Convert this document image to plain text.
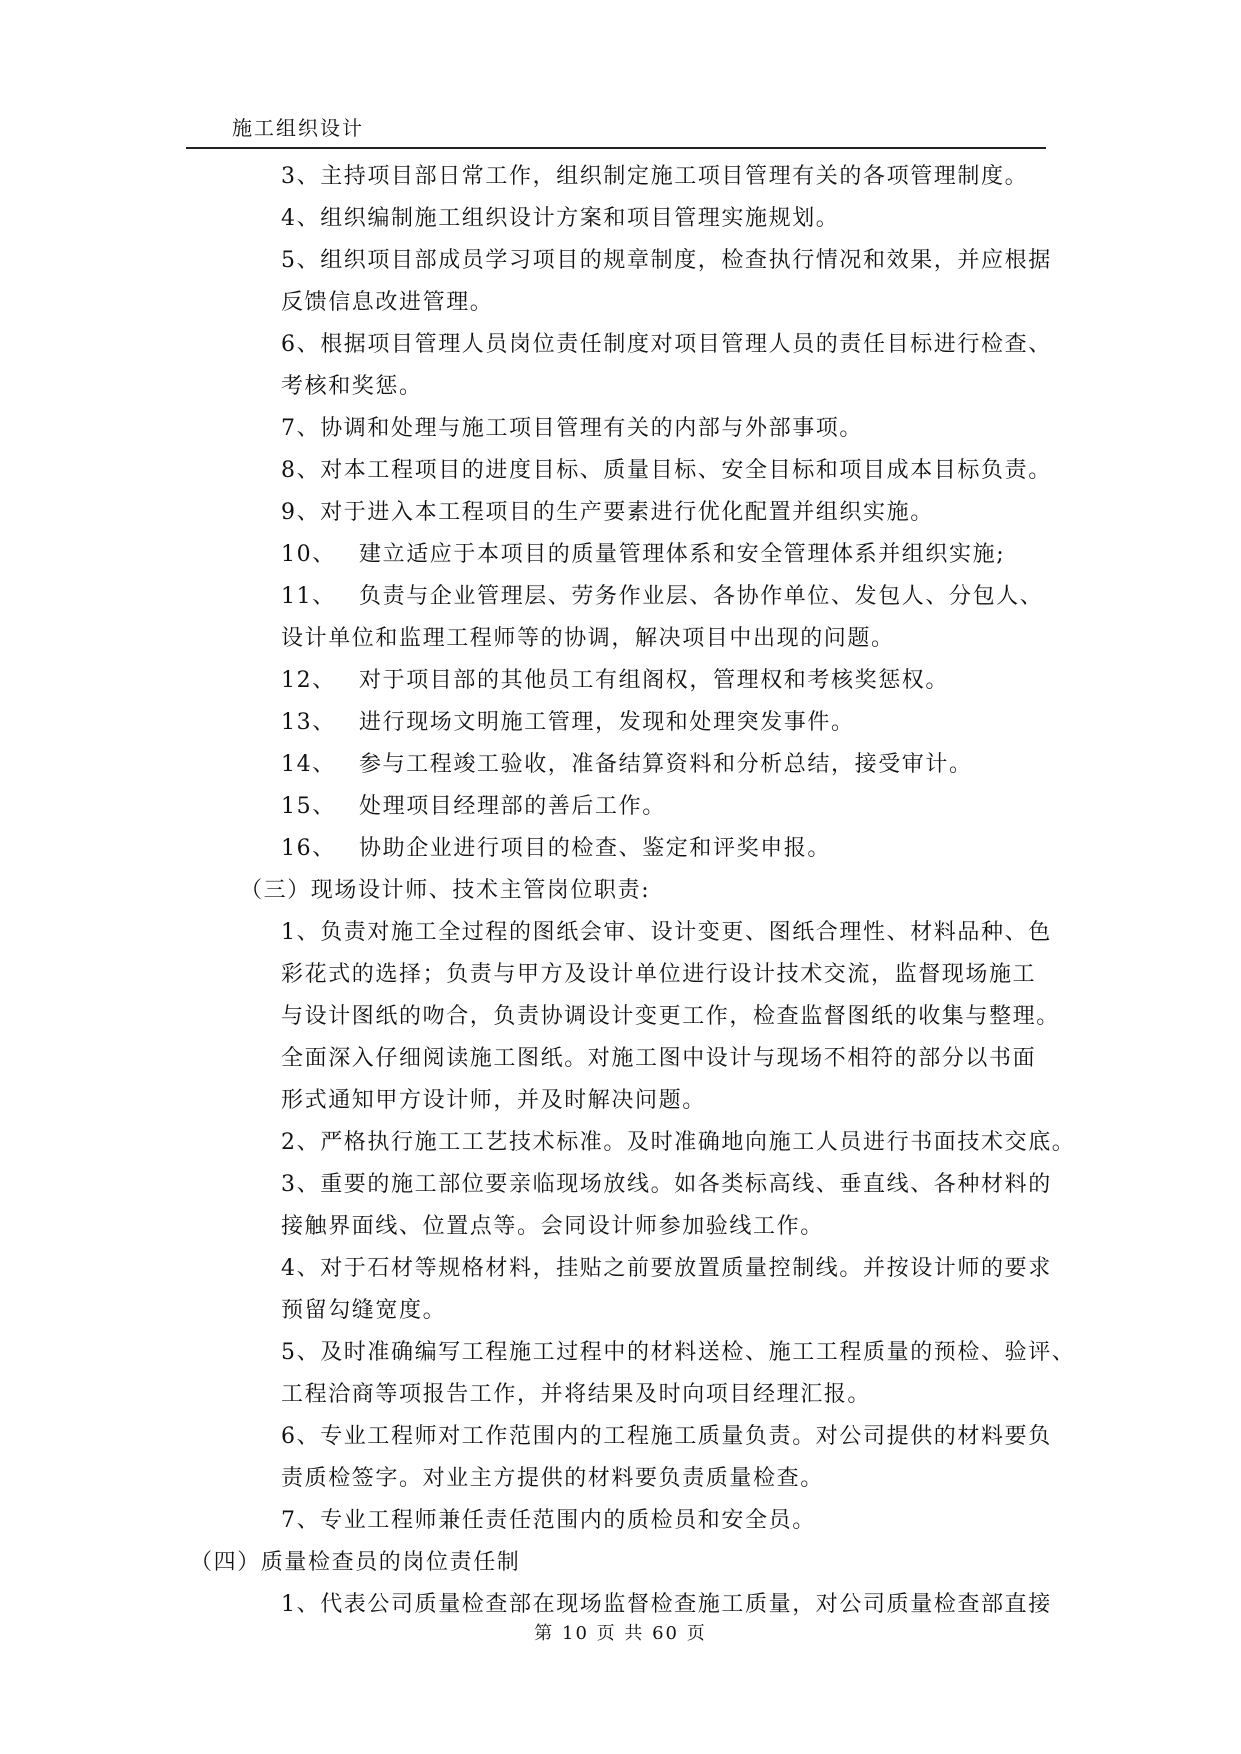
施工组织设计
3、主持项目部日常工作，组织制定施工项目管理有关的各项管理制度。
4、组织编制施工组织设计方案和项目管理实施规划。
5、组织项目部成员学习项目的规章制度，检查执行情况和效果，并应根据
反馈信息改进管理。
6、根据项目管理人员岗位责任制度对项目管理人员的责任目标进行检查、
考核和奖惩。
7、协调和处理与施工项目管理有关的内部与外部事项。
8、对本工程项目的进度目标、质量目标、安全目标和项目成本目标负责。
9、对于进入本工程项目的生产要素进行优化配置并组织实施。
10、 建立适应于本项目的质量管理体系和安全管理体系并组织实施;
11、 负责与企业管理层、劳务作业层、各协作单位、发包人、分包人、
设计单位和监理工程师等的协调，解决项目中出现的问题。
12、 对于项目部的其他员工有组阁权，管理权和考核奖惩权。
13、 进行现场文明施工管理，发现和处理突发事件。
14、 参与工程竣工验收，准备结算资料和分析总结，接受审计。
15、 处理项目经理部的善后工作。
16、 协助企业进行项目的检查、鉴定和评奖申报。
（三）现场设计师、技术主管岗位职责:
1、负责对施工全过程的图纸会审、设计变更、图纸合理性、材料品种、色
彩花式的选择；负责与甲方及设计单位进行设计技术交流，监督现场施工
与设计图纸的吻合，负责协调设计变更工作，检查监督图纸的收集与整理。
全面深入仔细阅读施工图纸。对施工图中设计与现场不相符的部分以书面
形式通知甲方设计师，并及时解决问题。
2、严格执行施工工艺技术标准。及时准确地向施工人员进行书面技术交底。
3、重要的施工部位要亲临现场放线。如各类标高线、垂直线、各种材料的
接触界面线、位置点等。会同设计师参加验线工作。
4、对于石材等规格材料，挂贴之前要放置质量控制线。并按设计师的要求
预留勾缝宽度。
5、及时准确编写工程施工过程中的材料送检、施工工程质量的预检、验评、
工程洽商等项报告工作，并将结果及时向项目经理汇报。
6、专业工程师对工作范围内的工程施工质量负责。对公司提供的材料要负
责质检签字。对业主方提供的材料要负责质量检查。
7、专业工程师兼任责任范围内的质检员和安全员。
（四）质量检查员的岗位责任制
1、代表公司质量检查部在现场监督检查施工质量，对公司质量检查部直接
第 10 页 共 60 页
